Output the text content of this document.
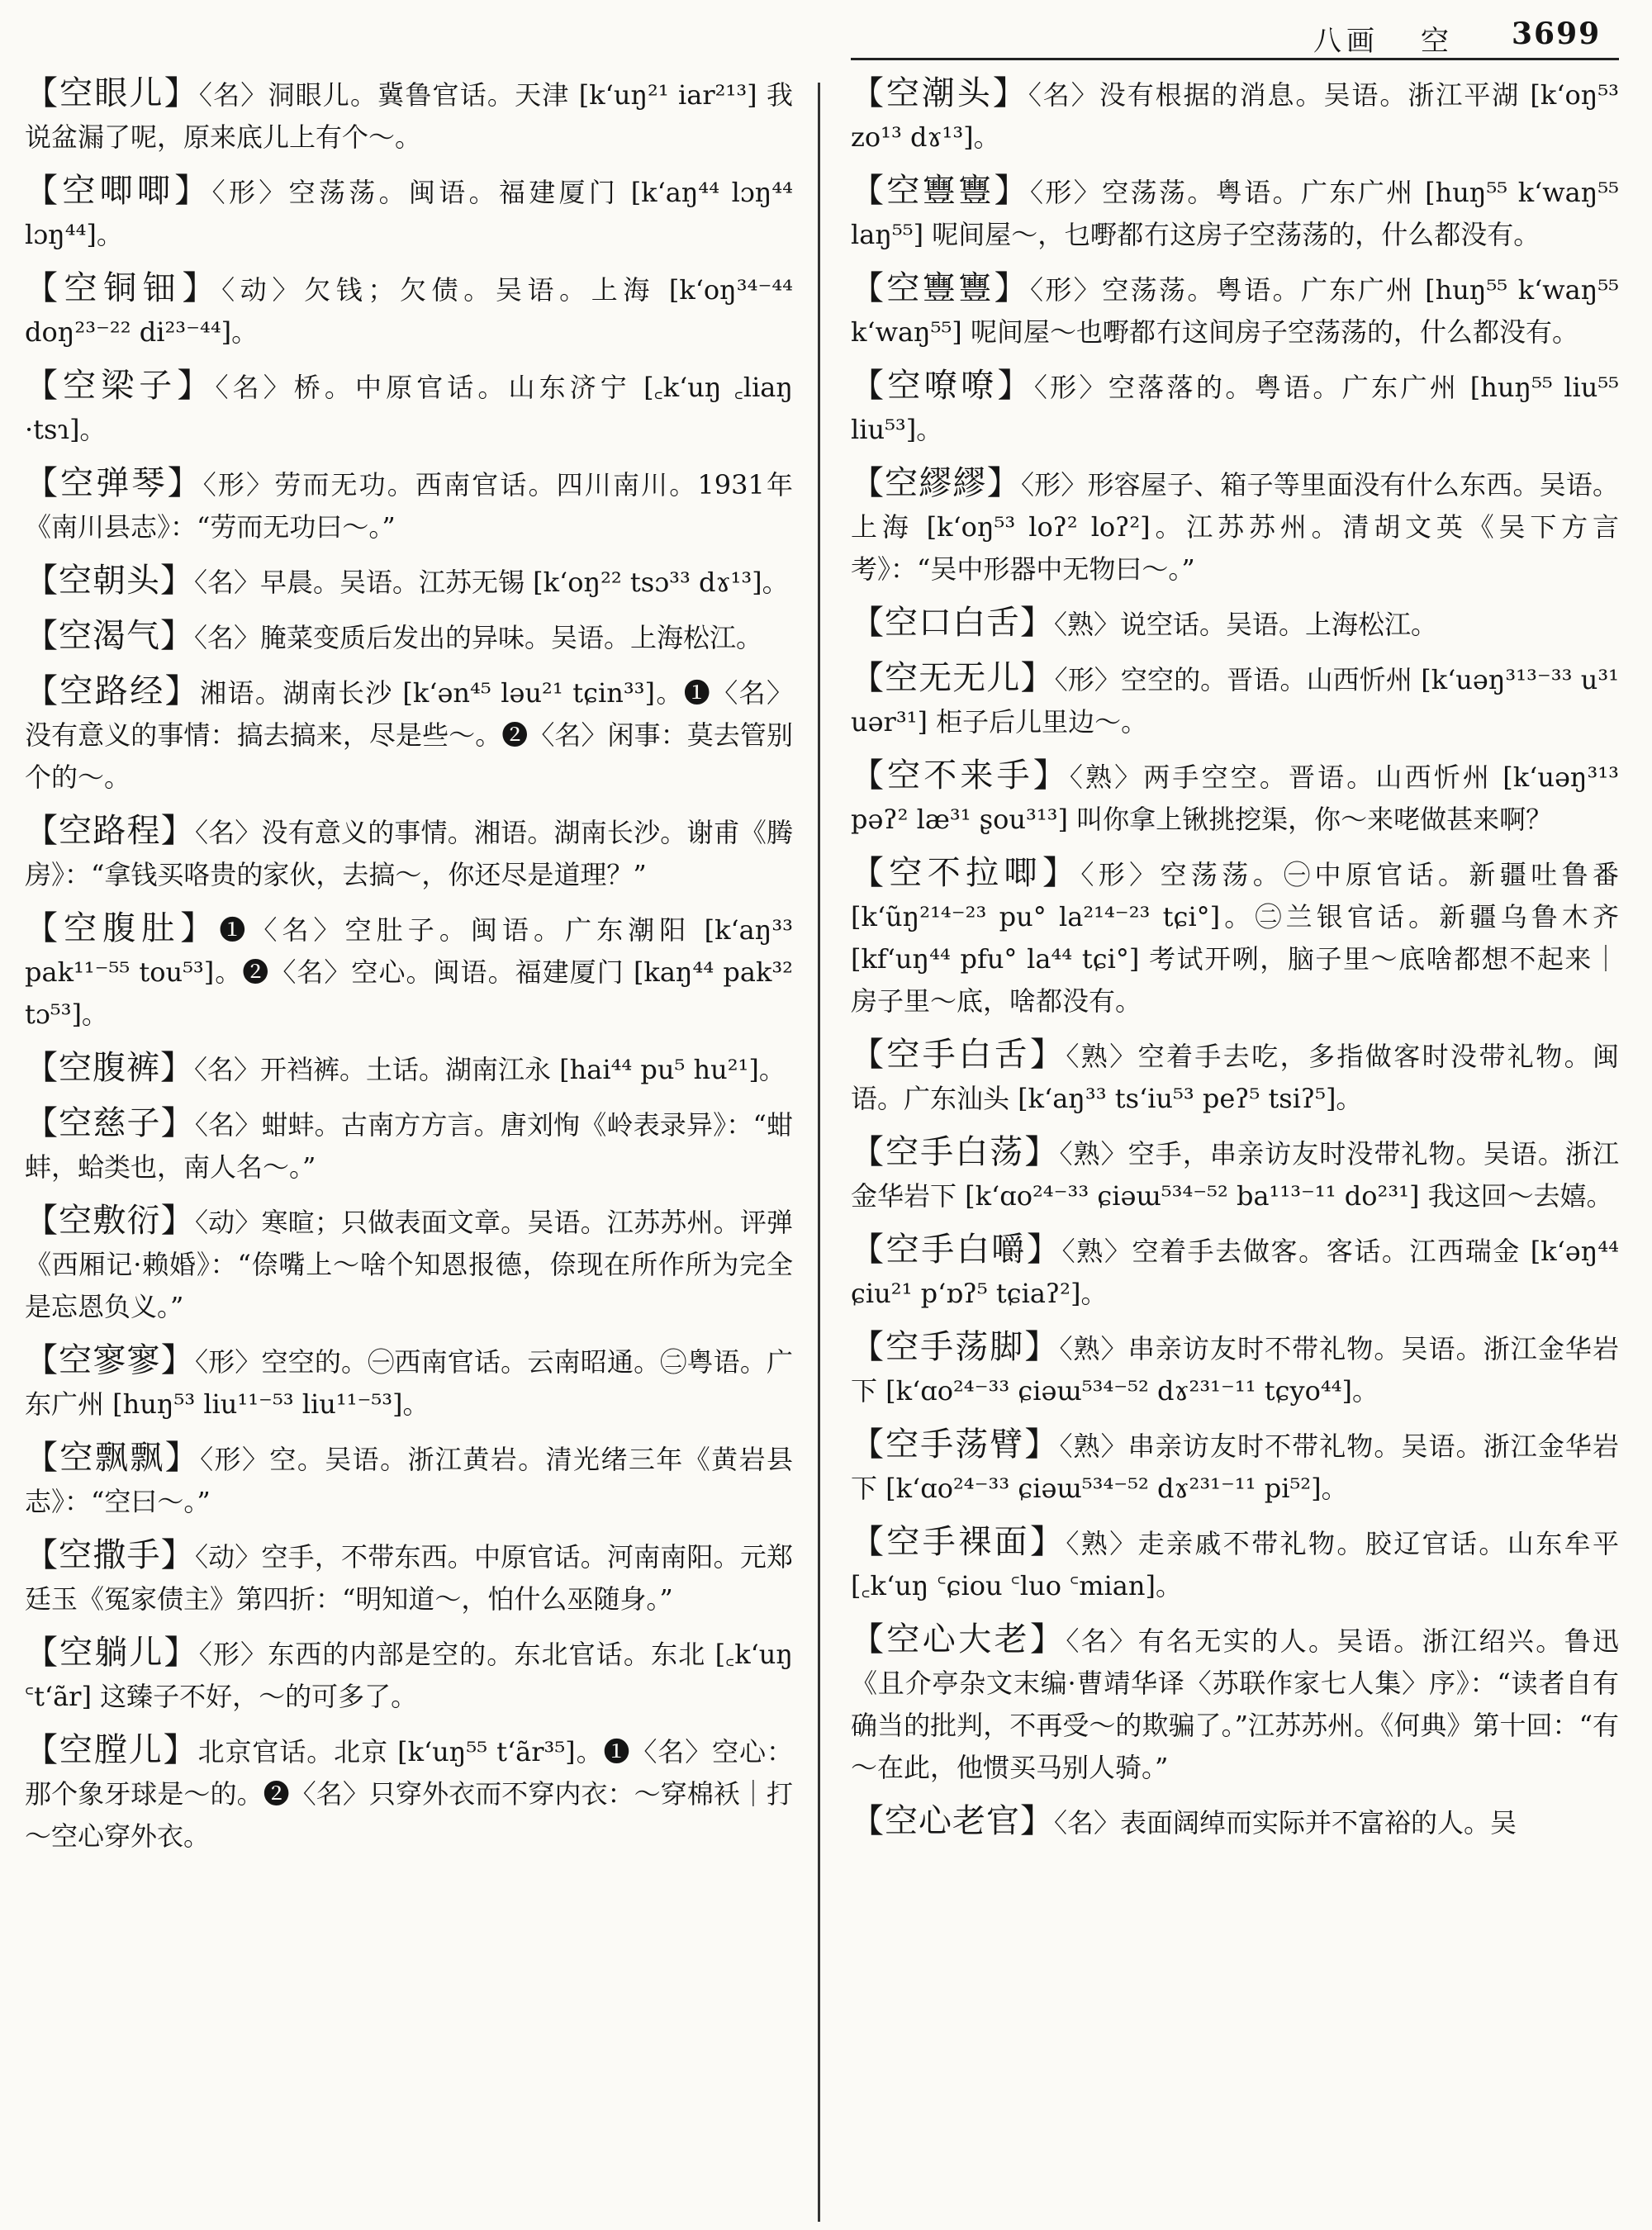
八画 空 3699
【空眼儿】〈名〉洞眼儿。冀鲁官话。天津 [kʻuŋ²¹ iar²¹³] 我说盆漏了呢，原来底儿上有个～。
【空唧唧】〈形〉空荡荡。闽语。福建厦门 [kʻaŋ⁴⁴ lɔŋ⁴⁴ lɔŋ⁴⁴]。
【空铜钿】〈动〉欠钱；欠债。吴语。上海 [kʻoŋ³⁴⁻⁴⁴ doŋ²³⁻²² di²³⁻⁴⁴]。
【空梁子】〈名〉桥。中原官话。山东济宁 [꜀kʻuŋ ꜀liaŋ ·tsɿ]。
【空弹琴】〈形〉劳而无功。西南官话。四川南川。1931年《南川县志》：“劳而无功曰～。”
【空朝头】〈名〉早晨。吴语。江苏无锡 [kʻoŋ²² tsɔ³³ dɤ¹³]。
【空渴气】〈名〉腌菜变质后发出的异味。吴语。上海松江。
【空路经】湘语。湖南长沙 [kʻən⁴⁵ ləu²¹ tɕin³³]。❶〈名〉没有意义的事情：搞去搞来，尽是些～。❷〈名〉闲事：莫去管别个的～。
【空路程】〈名〉没有意义的事情。湘语。湖南长沙。谢甫《腾房》：“拿钱买咯贵的家伙，去搞～，你还尽是道理？”
【空腹肚】❶〈名〉空肚子。闽语。广东潮阳 [kʻaŋ³³ pak¹¹⁻⁵⁵ tou⁵³]。❷〈名〉空心。闽语。福建厦门 [kaŋ⁴⁴ pak³² tɔ⁵³]。
【空腹裤】〈名〉开裆裤。土话。湖南江永 [hai⁴⁴ pu⁵ hu²¹]。
【空慈子】〈名〉蚶蚌。古南方方言。唐刘恂《岭表录异》：“蚶蚌，蛤类也，南人名～。”
【空敷衍】〈动〉寒暄；只做表面文章。吴语。江苏苏州。评弹《西厢记·赖婚》：“倷嘴上～啥个知恩报德，倷现在所作所为完全是忘恩负义。”
【空寥寥】〈形〉空空的。㊀西南官话。云南昭通。㊁粤语。广东广州 [huŋ⁵³ liu¹¹⁻⁵³ liu¹¹⁻⁵³]。
【空飘飘】〈形〉空。吴语。浙江黄岩。清光绪三年《黄岩县志》：“空曰～。”
【空撒手】〈动〉空手，不带东西。中原官话。河南南阳。元郑廷玉《冤家债主》第四折：“明知道～，怕什么巫随身。”
【空躺儿】〈形〉东西的内部是空的。东北官话。东北 [꜀kʻuŋ ꜂tʻãr] 这臻子不好，～的可多了。
【空膛儿】北京官话。北京 [kʻuŋ⁵⁵ tʻãr³⁵]。❶〈名〉空心：那个象牙球是～的。❷〈名〉只穿外衣而不穿内衣：～穿棉袄｜打～空心穿外衣。
【空潮头】〈名〉没有根据的消息。吴语。浙江平湖 [kʻoŋ⁵³ zo¹³ dɤ¹³]。
【空寷寷】〈形〉空荡荡。粤语。广东广州 [huŋ⁵⁵ kʻwaŋ⁵⁵ laŋ⁵⁵] 呢间屋～，乜嘢都冇这房子空荡荡的，什么都没有。
【空寷寷】〈形〉空荡荡。粤语。广东广州 [huŋ⁵⁵ kʻwaŋ⁵⁵ kʻwaŋ⁵⁵] 呢间屋～也嘢都冇这间房子空荡荡的，什么都没有。
【空嘹嘹】〈形〉空落落的。粤语。广东广州 [huŋ⁵⁵ liu⁵⁵ liu⁵³]。
【空繆繆】〈形〉形容屋子、箱子等里面没有什么东西。吴语。上海 [kʻoŋ⁵³ loʔ² loʔ²]。江苏苏州。清胡文英《吴下方言考》：“吴中形器中无物曰～。”
【空口白舌】〈熟〉说空话。吴语。上海松江。
【空无无儿】〈形〉空空的。晋语。山西忻州 [kʻuəŋ³¹³⁻³³ u³¹ uər³¹] 柜子后儿里边～。
【空不来手】〈熟〉两手空空。晋语。山西忻州 [kʻuəŋ³¹³ pəʔ² læ³¹ ʂou³¹³] 叫你拿上锹挑挖渠，你～来咾做甚来啊？
【空不拉唧】〈形〉空荡荡。㊀中原官话。新疆吐鲁番 [kʻũŋ²¹⁴⁻²³ pu° la²¹⁴⁻²³ tɕi°]。㊁兰银官话。新疆乌鲁木齐 [kfʻuŋ⁴⁴ pfu° la⁴⁴ tɕi°] 考试开咧，脑子里～底啥都想不起来｜房子里～底，啥都没有。
【空手白舌】〈熟〉空着手去吃，多指做客时没带礼物。闽语。广东汕头 [kʻaŋ³³ tsʻiu⁵³ peʔ⁵ tsiʔ⁵]。
【空手白荡】〈熟〉空手，串亲访友时没带礼物。吴语。浙江金华岩下 [kʻɑo²⁴⁻³³ ɕiəɯ⁵³⁴⁻⁵² ba¹¹³⁻¹¹ do²³¹] 我这回～去嬉。
【空手白嚼】〈熟〉空着手去做客。客话。江西瑞金 [kʻəŋ⁴⁴ ɕiu²¹ pʻɒʔ⁵ tɕiaʔ²]。
【空手荡脚】〈熟〉串亲访友时不带礼物。吴语。浙江金华岩下 [kʻɑo²⁴⁻³³ ɕiəɯ⁵³⁴⁻⁵² dɤ²³¹⁻¹¹ tɕyo⁴⁴]。
【空手荡臂】〈熟〉串亲访友时不带礼物。吴语。浙江金华岩下 [kʻɑo²⁴⁻³³ ɕiəɯ⁵³⁴⁻⁵² dɤ²³¹⁻¹¹ pi⁵²]。
【空手裸面】〈熟〉走亲戚不带礼物。胶辽官话。山东牟平 [꜀kʻuŋ ꜂ɕiou ꜂luo ꜂mian]。
【空心大老】〈名〉有名无实的人。吴语。浙江绍兴。鲁迅《且介亭杂文末编·曹靖华译〈苏联作家七人集〉序》：“读者自有确当的批判，不再受～的欺骗了。”江苏苏州。《何典》第十回：“有～在此，他惯买马别人骑。”
【空心老官】〈名〉表面阔绰而实际并不富裕的人。吴
